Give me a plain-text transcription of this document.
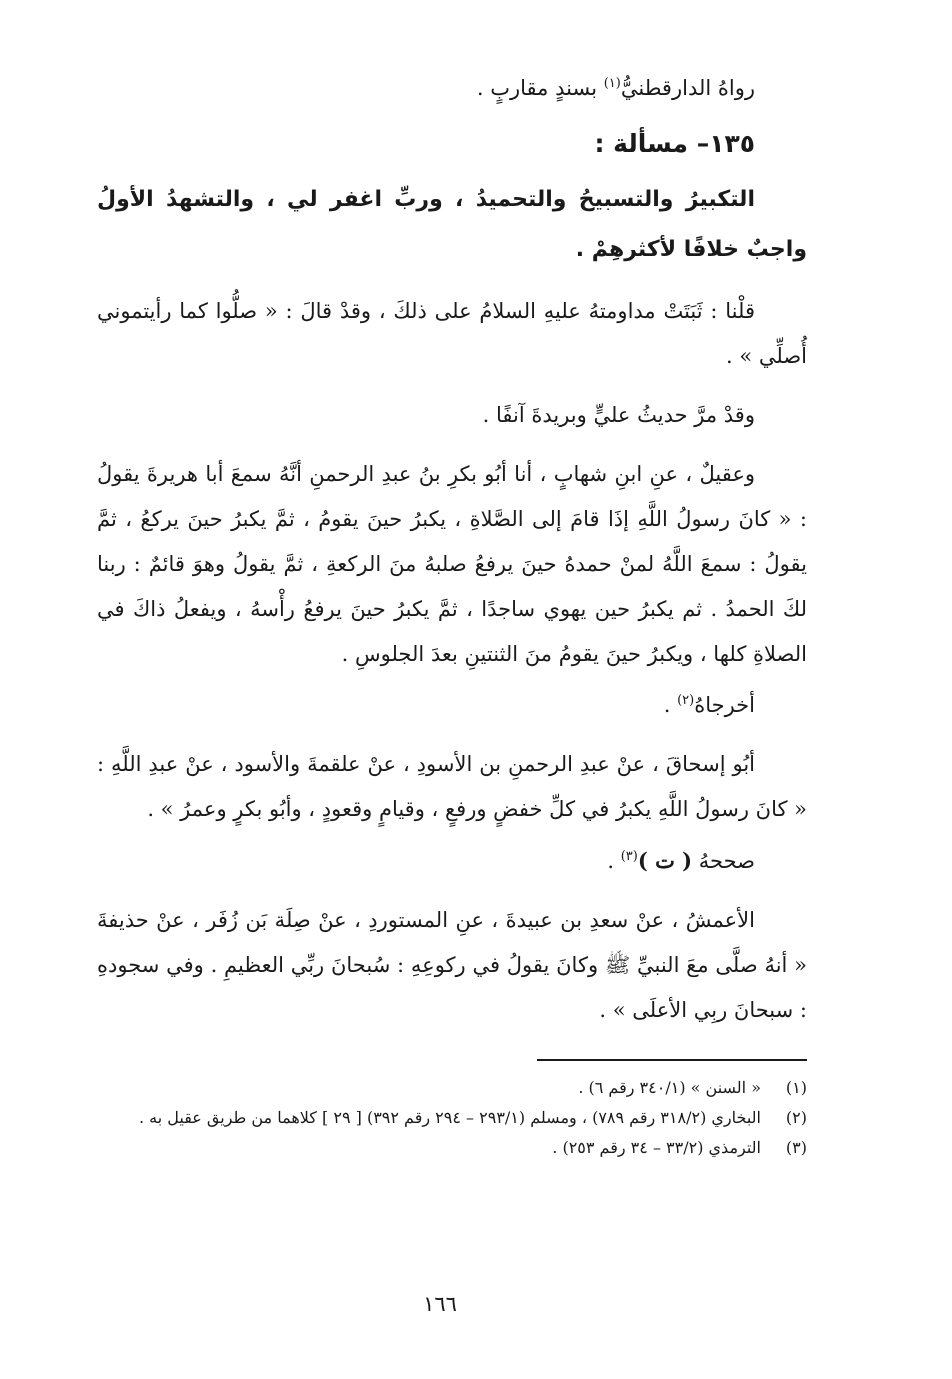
رواهُ الدارقطنيُّ$^{(١)}$ بسندٍ مقاربٍ .

١٣٥– مسألة :

التكبيرُ والتسبيحُ والتحميدُ ، وربِّ اغفر لي ، والتشهدُ الأولُ واجبٌ خلافًا لأكثرهِمْ .

قلْنا : ثَبَتَتْ مداومتهُ عليهِ السلامُ على ذلكَ ، وقدْ قالَ : « صلُّوا كما رأيتموني أُصلِّي » .

وقدْ مرَّ حديثُ عليٍّ وبريدةَ آنفًا .

وعقيلٌ ، عنِ ابنِ شهابٍ ، أنا أبُو بكرِ بنُ عبدِ الرحمنِ أنَّهُ سمعَ أبا هريرةَ يقولُ : « كانَ رسولُ اللَّهِ إذَا قامَ إلى الصَّلاةِ ، يكبرُ حينَ يقومُ ، ثمَّ يكبرُ حينَ يركعُ ، ثمَّ يقولُ : سمعَ اللَّهُ لمنْ حمدهُ حينَ يرفعُ صلبهُ منَ الركعةِ ، ثمَّ يقولُ وهوَ قائمٌ : ربنا لكَ الحمدُ . ثم يكبرُ حين يهوي ساجدًا ، ثمَّ يكبرُ حينَ يرفعُ رأْسهُ ، ويفعلُ ذاكَ في الصلاةِ كلها ، ويكبرُ حينَ يقومُ منَ الثنتينِ بعدَ الجلوسِ .

أخرجاهُ$^{(٢)}$ .

أبُو إسحاقَ ، عنْ عبدِ الرحمنِ بن الأسودِ ، عنْ علقمةَ والأسود ، عنْ عبدِ اللَّهِ : « كانَ رسولُ اللَّهِ يكبرُ في كلِّ خفضٍ ورفعٍ ، وقيامٍ وقعودٍ ، وأبُو بكرٍ وعمرُ » .

صححهُ ( ت )$^{(٣)}$ .

الأعمشُ ، عنْ سعدِ بن عبيدةَ ، عنِ المستوردِ ، عنْ صِلَة بَن زُفَر ، عنْ حذيفةَ « أنهُ صلَّى معَ النبيِّ ﷺ وكانَ يقولُ في ركوعِهِ : سُبحانَ ربِّي العظيمِ . وفي سجودهِ : سبحانَ ربِي الأعلَى » .

(١)
« السنن » (٣٤٠/١ رقم ٦) .

(٢)
البخاري (٣١٨/٢ رقم ٧٨٩) ، ومسلم (٢٩٣/١ – ٢٩٤ رقم ٣٩٢) [ ٢٩ ] كلاهما من طريق عقيل به .

(٣)
الترمذي (٣٣/٢ – ٣٤ رقم ٢٥٣) .

١٦٦
